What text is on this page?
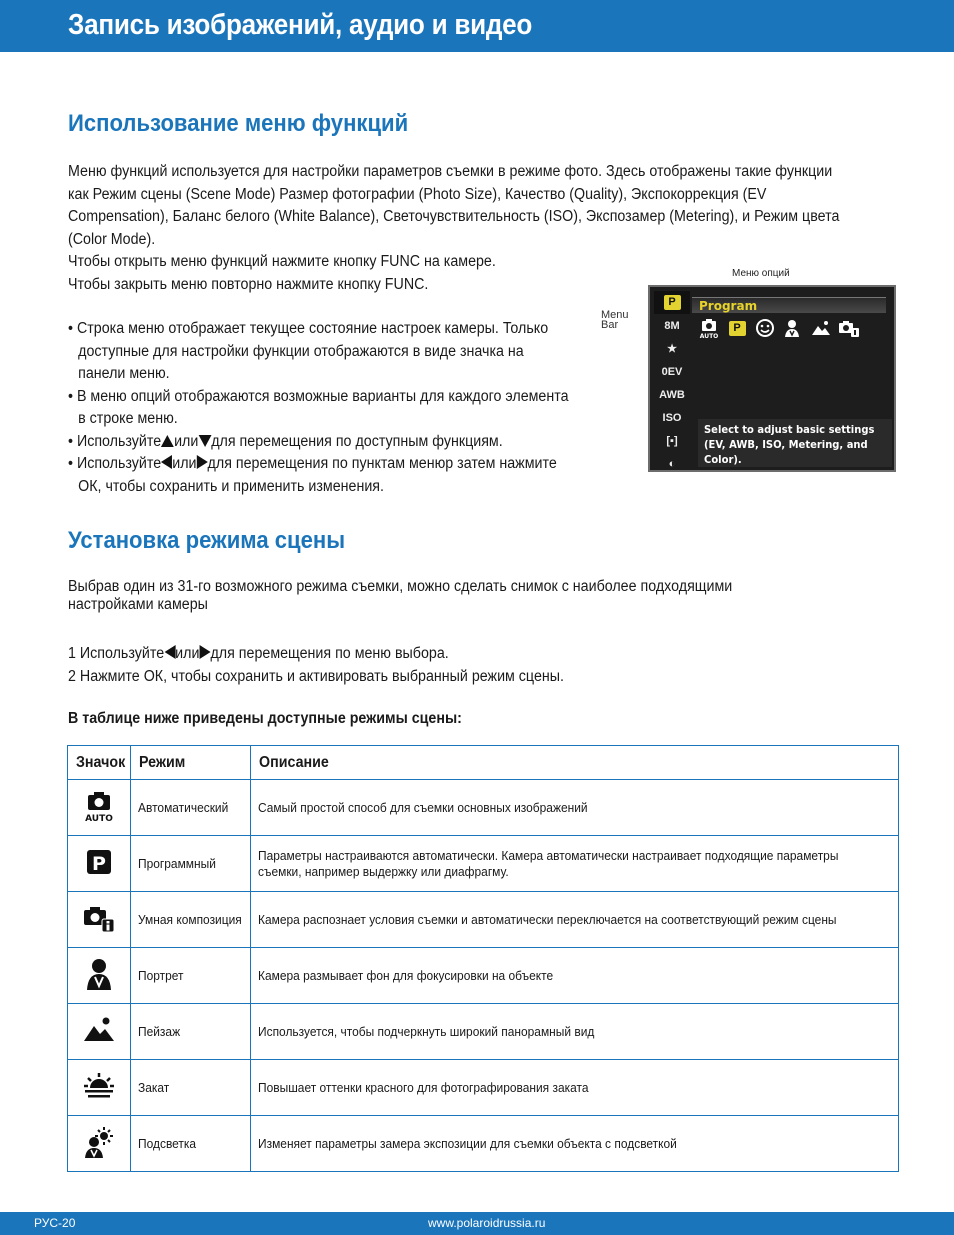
Запись изображений, аудио и видео
Использование меню функций

Меню функций используется для настройки параметров съемки в режиме фото. Здесь отображены такие функции

как Режим сцены (Scene Mode) Размер фотографии (Photo Size), Качество (Quality), Экспокоррекция (EV

Compensation), Баланс белого (White Balance), Светочувствительность (ISO), Экспозамер (Metering), и Режим цвета

(Color Mode).

Чтобы открыть меню функций нажмите кнопку FUNC на камере.

Чтобы закрыть меню повторно нажмите кнопку FUNC.

• Строка меню отображает текущее состояние настроек камеры. Только

доступные для настройки функции отображаются в виде значка на

панели меню.

• В меню опций отображаются возможные варианты для каждого элемента

в строке меню.

• Используйте или для перемещения по доступным функциям.

• Используйте или для перемещения по пунктам менюр затем нажмите

ОК, чтобы сохранить и применить изменения.

Меню опций
Menu
Bar
P
8M
★
0EV
AWB
ISO
[▪]
◐
Program
AUTO
P

Select to adjust basic settings
(EV, AWB, ISO, Metering, and
Color).

Установка режима сцены

Выбрав один из 31-го возможного режима съемки, можно сделать снимок с наиболее подходящими

настройками камеры

1 Используйте или для перемещения по меню выбора.

2 Нажмите ОК, чтобы сохранить и активировать выбранный режим сцены.

В таблице ниже приведены доступные режимы сцены:
Значок	Режим	Описание

AUTO	Автоматический	Самый простой способ для съемки основных изображений

P	Программный	Параметры настраиваются автоматически. Камера автоматически настраивает подходящие параметры съемки, например выдержку или диафрагму.

	Умная композиция	Камера распознает условия съемки и автоматически переключается на соответствующий режим сцены

	Портрет	Камера размывает фон для фокусировки на объекте

	Пейзаж	Используется, чтобы подчеркнуть широкий панорамный вид

	Закат	Повышает оттенки красного для фотографирования заката

	Подсветка	Изменяет параметры замера экспозиции для съемки объекта с подсветкой
РУС-20	www.polaroidrussia.ru
